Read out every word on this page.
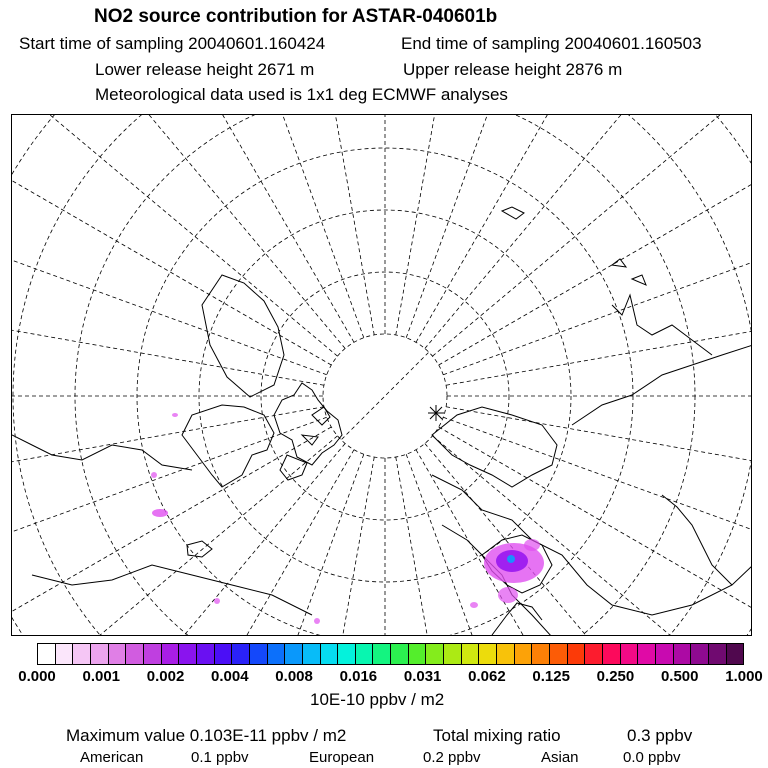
NO2 source contribution for ASTAR-040601b
Start time of sampling 20040601.160424	End time of sampling 20040601.160503
Lower release height 2671 m	Upper release height 2876 m
Meteorological data used is 1x1 deg ECMWF analyses
0.000 0.001 0.002 0.004 0.008 0.016 0.031 0.062 0.125 0.250 0.500 1.000
10E-10 ppbv / m2
Maximum value 0.103E-11 ppbv / m2	Total mixing ratio	0.3 ppbv
American	0.1 ppbv	European	0.2 ppbv	Asian	0.0 ppbv
